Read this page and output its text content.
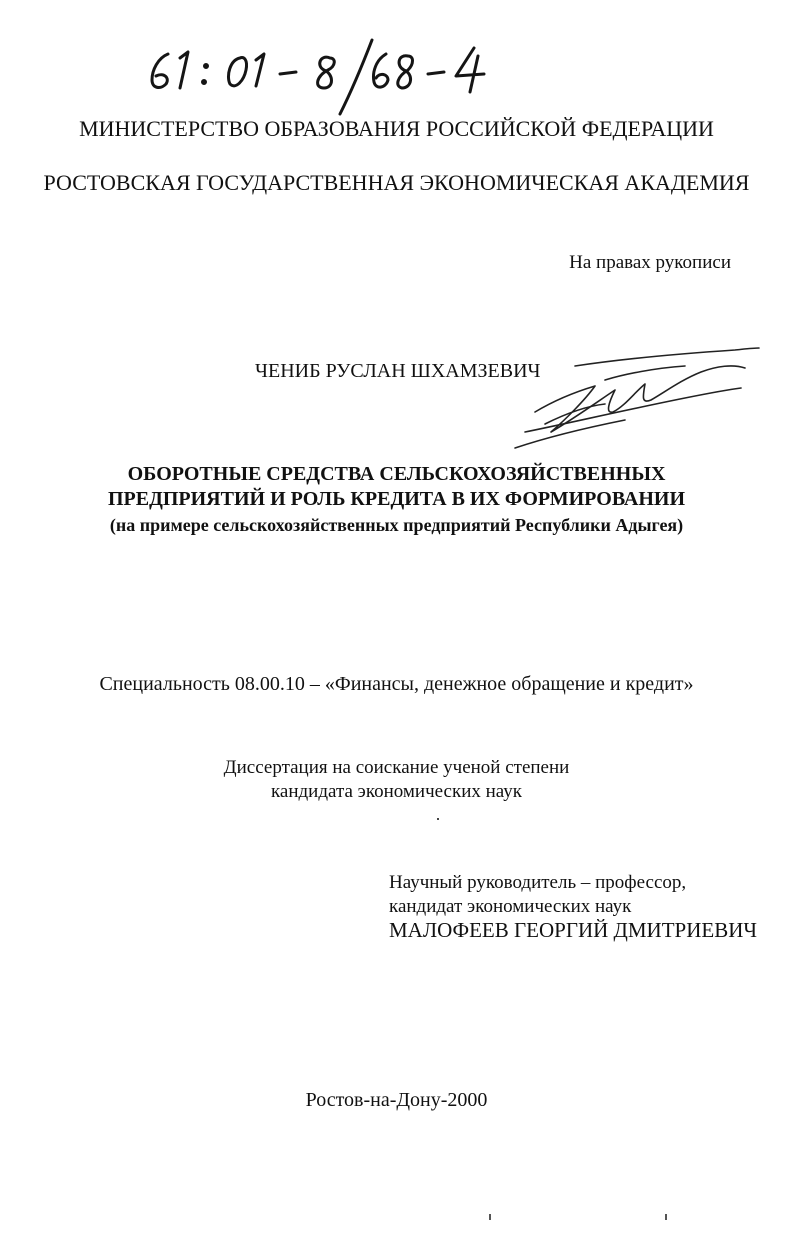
МИНИСТЕРСТВО ОБРАЗОВАНИЯ РОССИЙСКОЙ ФЕДЕРАЦИИ
РОСТОВСКАЯ ГОСУДАРСТВЕННАЯ ЭКОНОМИЧЕСКАЯ АКАДЕМИЯ
На правах рукописи
ЧЕНИБ РУСЛАН ШХАМЗЕВИЧ
ОБОРОТНЫЕ СРЕДСТВА СЕЛЬСКОХОЗЯЙСТВЕННЫХ
ПРЕДПРИЯТИЙ И РОЛЬ КРЕДИТА В ИХ ФОРМИРОВАНИИ
(на примере сельскохозяйственных предприятий Республики Адыгея)
Специальность 08.00.10 – «Финансы, денежное обращение и кредит»
Диссертация на соискание ученой степени
кандидата экономических наук
Научный руководитель – профессор,
кандидат экономических наук
МАЛОФЕЕВ ГЕОРГИЙ ДМИТРИЕВИЧ
Ростов-на-Дону-2000
